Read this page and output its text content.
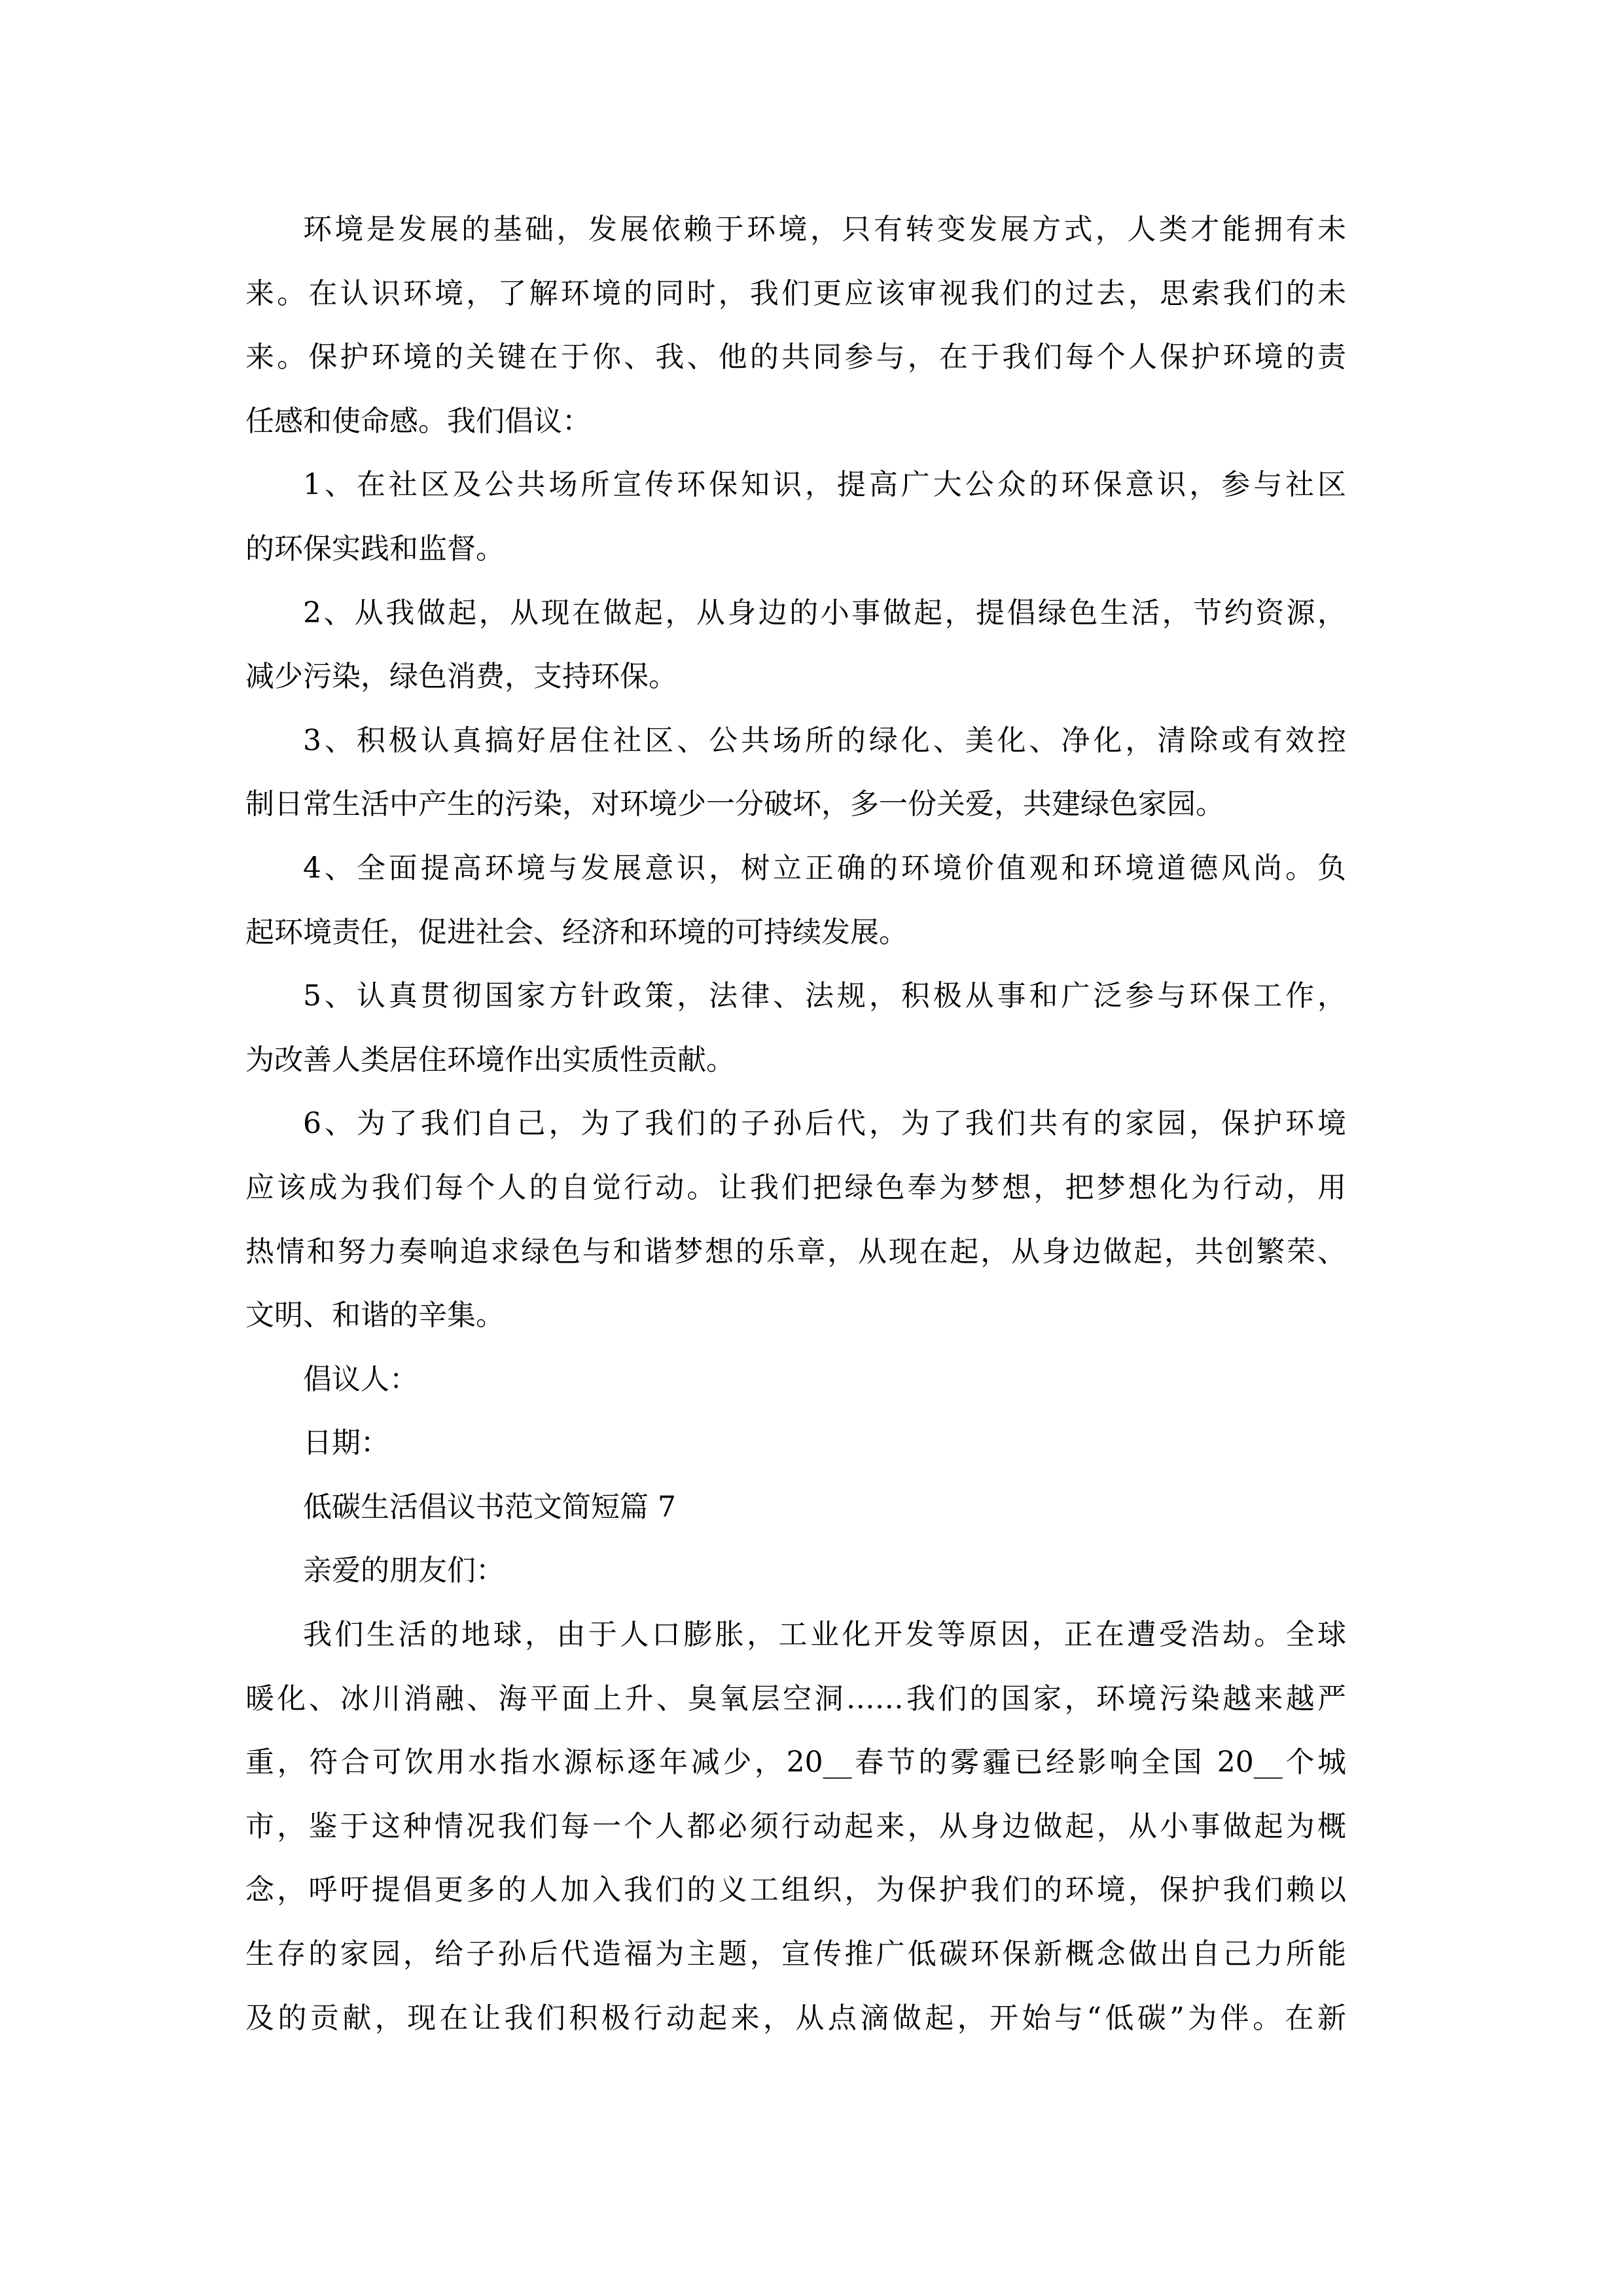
环境是发展的基础，发展依赖于环境，只有转变发展方式，人类才能拥有未

来。在认识环境，了解环境的同时，我们更应该审视我们的过去，思索我们的未

来。保护环境的关键在于你、我、他的共同参与，在于我们每个人保护环境的责

任感和使命感。我们倡议：

1、在社区及公共场所宣传环保知识，提高广大公众的环保意识，参与社区

的环保实践和监督。

2、从我做起，从现在做起，从身边的小事做起，提倡绿色生活，节约资源，

减少污染，绿色消费，支持环保。

3、积极认真搞好居住社区、公共场所的绿化、美化、净化，清除或有效控

制日常生活中产生的污染，对环境少一分破坏，多一份关爱，共建绿色家园。

4、全面提高环境与发展意识，树立正确的环境价值观和环境道德风尚。负

起环境责任，促进社会、经济和环境的可持续发展。

5、认真贯彻国家方针政策，法律、法规，积极从事和广泛参与环保工作，

为改善人类居住环境作出实质性贡献。

6、为了我们自己，为了我们的子孙后代，为了我们共有的家园，保护环境

应该成为我们每个人的自觉行动。让我们把绿色奉为梦想，把梦想化为行动，用

热情和努力奏响追求绿色与和谐梦想的乐章，从现在起，从身边做起，共创繁荣、

文明、和谐的辛集。

倡议人：

日期：

低碳生活倡议书范文简短篇 7

亲爱的朋友们：

我们生活的地球，由于人口膨胀，工业化开发等原因，正在遭受浩劫。全球

暖化、冰川消融、海平面上升、臭氧层空洞……我们的国家，环境污染越来越严

重，符合可饮用水指水源标逐年减少，20__春节的雾霾已经影响全国 20__个城

市，鉴于这种情况我们每一个人都必须行动起来，从身边做起，从小事做起为概

念，呼吁提倡更多的人加入我们的义工组织，为保护我们的环境，保护我们赖以

生存的家园，给子孙后代造福为主题，宣传推广低碳环保新概念做出自己力所能

及的贡献，现在让我们积极行动起来，从点滴做起，开始与“低碳”为伴。在新
